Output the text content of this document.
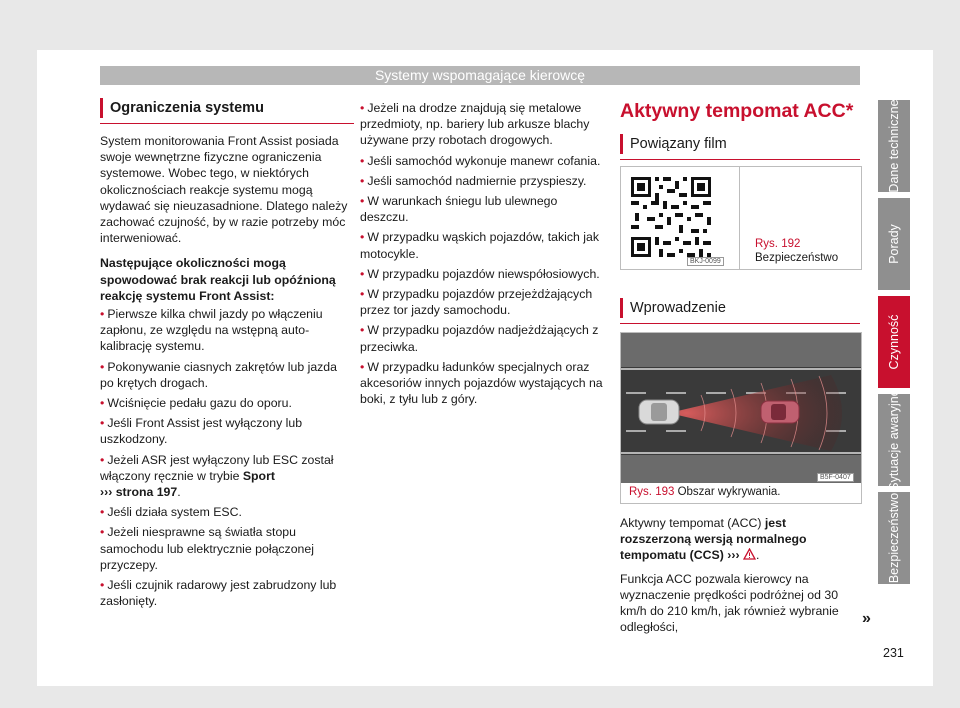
Systemy wspomagające kierowcę
Ograniczenia systemu

System monitorowania Front Assist posiada swoje wewnętrzne fizyczne ograniczenia systemowe. Wobec tego, w niektórych okolicznościach reakcje systemu mogą wydawać się nieuzasadnione. Dlatego należy zachować czujność, by w razie potrzeby móc interweniować.

Następujące okoliczności mogą spowodować brak reakcji lub opóźnioną reakcję systemu Front Assist:

• Pierwsze kilka chwil jazdy po włączeniu zapłonu, ze względu na wstępną auto-kalibrację systemu.

• Pokonywanie ciasnych zakrętów lub jazda po krętych drogach.

• Wciśnięcie pedału gazu do oporu.

• Jeśli Front Assist jest wyłączony lub uszkodzony.

• Jeżeli ASR jest wyłączony lub ESC został włączony ręcznie w trybie Sport
››› strona 197.

• Jeśli działa system ESC.

• Jeżeli niesprawne są światła stopu samochodu lub elektrycznie połączonej przyczepy.

• Jeśli czujnik radarowy jest zabrudzony lub zasłonięty.

• Jeżeli na drodze znajdują się metalowe przedmioty, np. bariery lub arkusze blachy używane przy robotach drogowych.

• Jeśli samochód wykonuje manewr cofania.

• Jeśli samochód nadmiernie przyspieszy.

• W warunkach śniegu lub ulewnego deszczu.

• W przypadku wąskich pojazdów, takich jak motocykle.

• W przypadku pojazdów niewspółosiowych.

• W przypadku pojazdów przejeżdżających przez tor jazdy samochodu.

• W przypadku pojazdów nadjeżdżających z przeciwka.

• W przypadku ładunków specjalnych oraz akcesoriów innych pojazdów wystających na boki, z tyłu lub z góry.

Aktywny tempomat ACC*
Powiązany film
BKJ-0099
Rys. 192 Bezpieczeństwo
Wprowadzenie
B5F-0407
Rys. 193 Obszar wykrywania.

Aktywny tempomat (ACC) jest rozszerzoną wersją normalnego tempomatu (CCS) ››› .

Funkcja ACC pozwala kierowcy na wyznaczenie prędkości podróżnej od 30 km/h do 210 km/h, jak również wybranie odległości,

»
Dane techniczne
Porady
Czynność
Sytuacje awaryjne
Bezpieczeństwo
231
